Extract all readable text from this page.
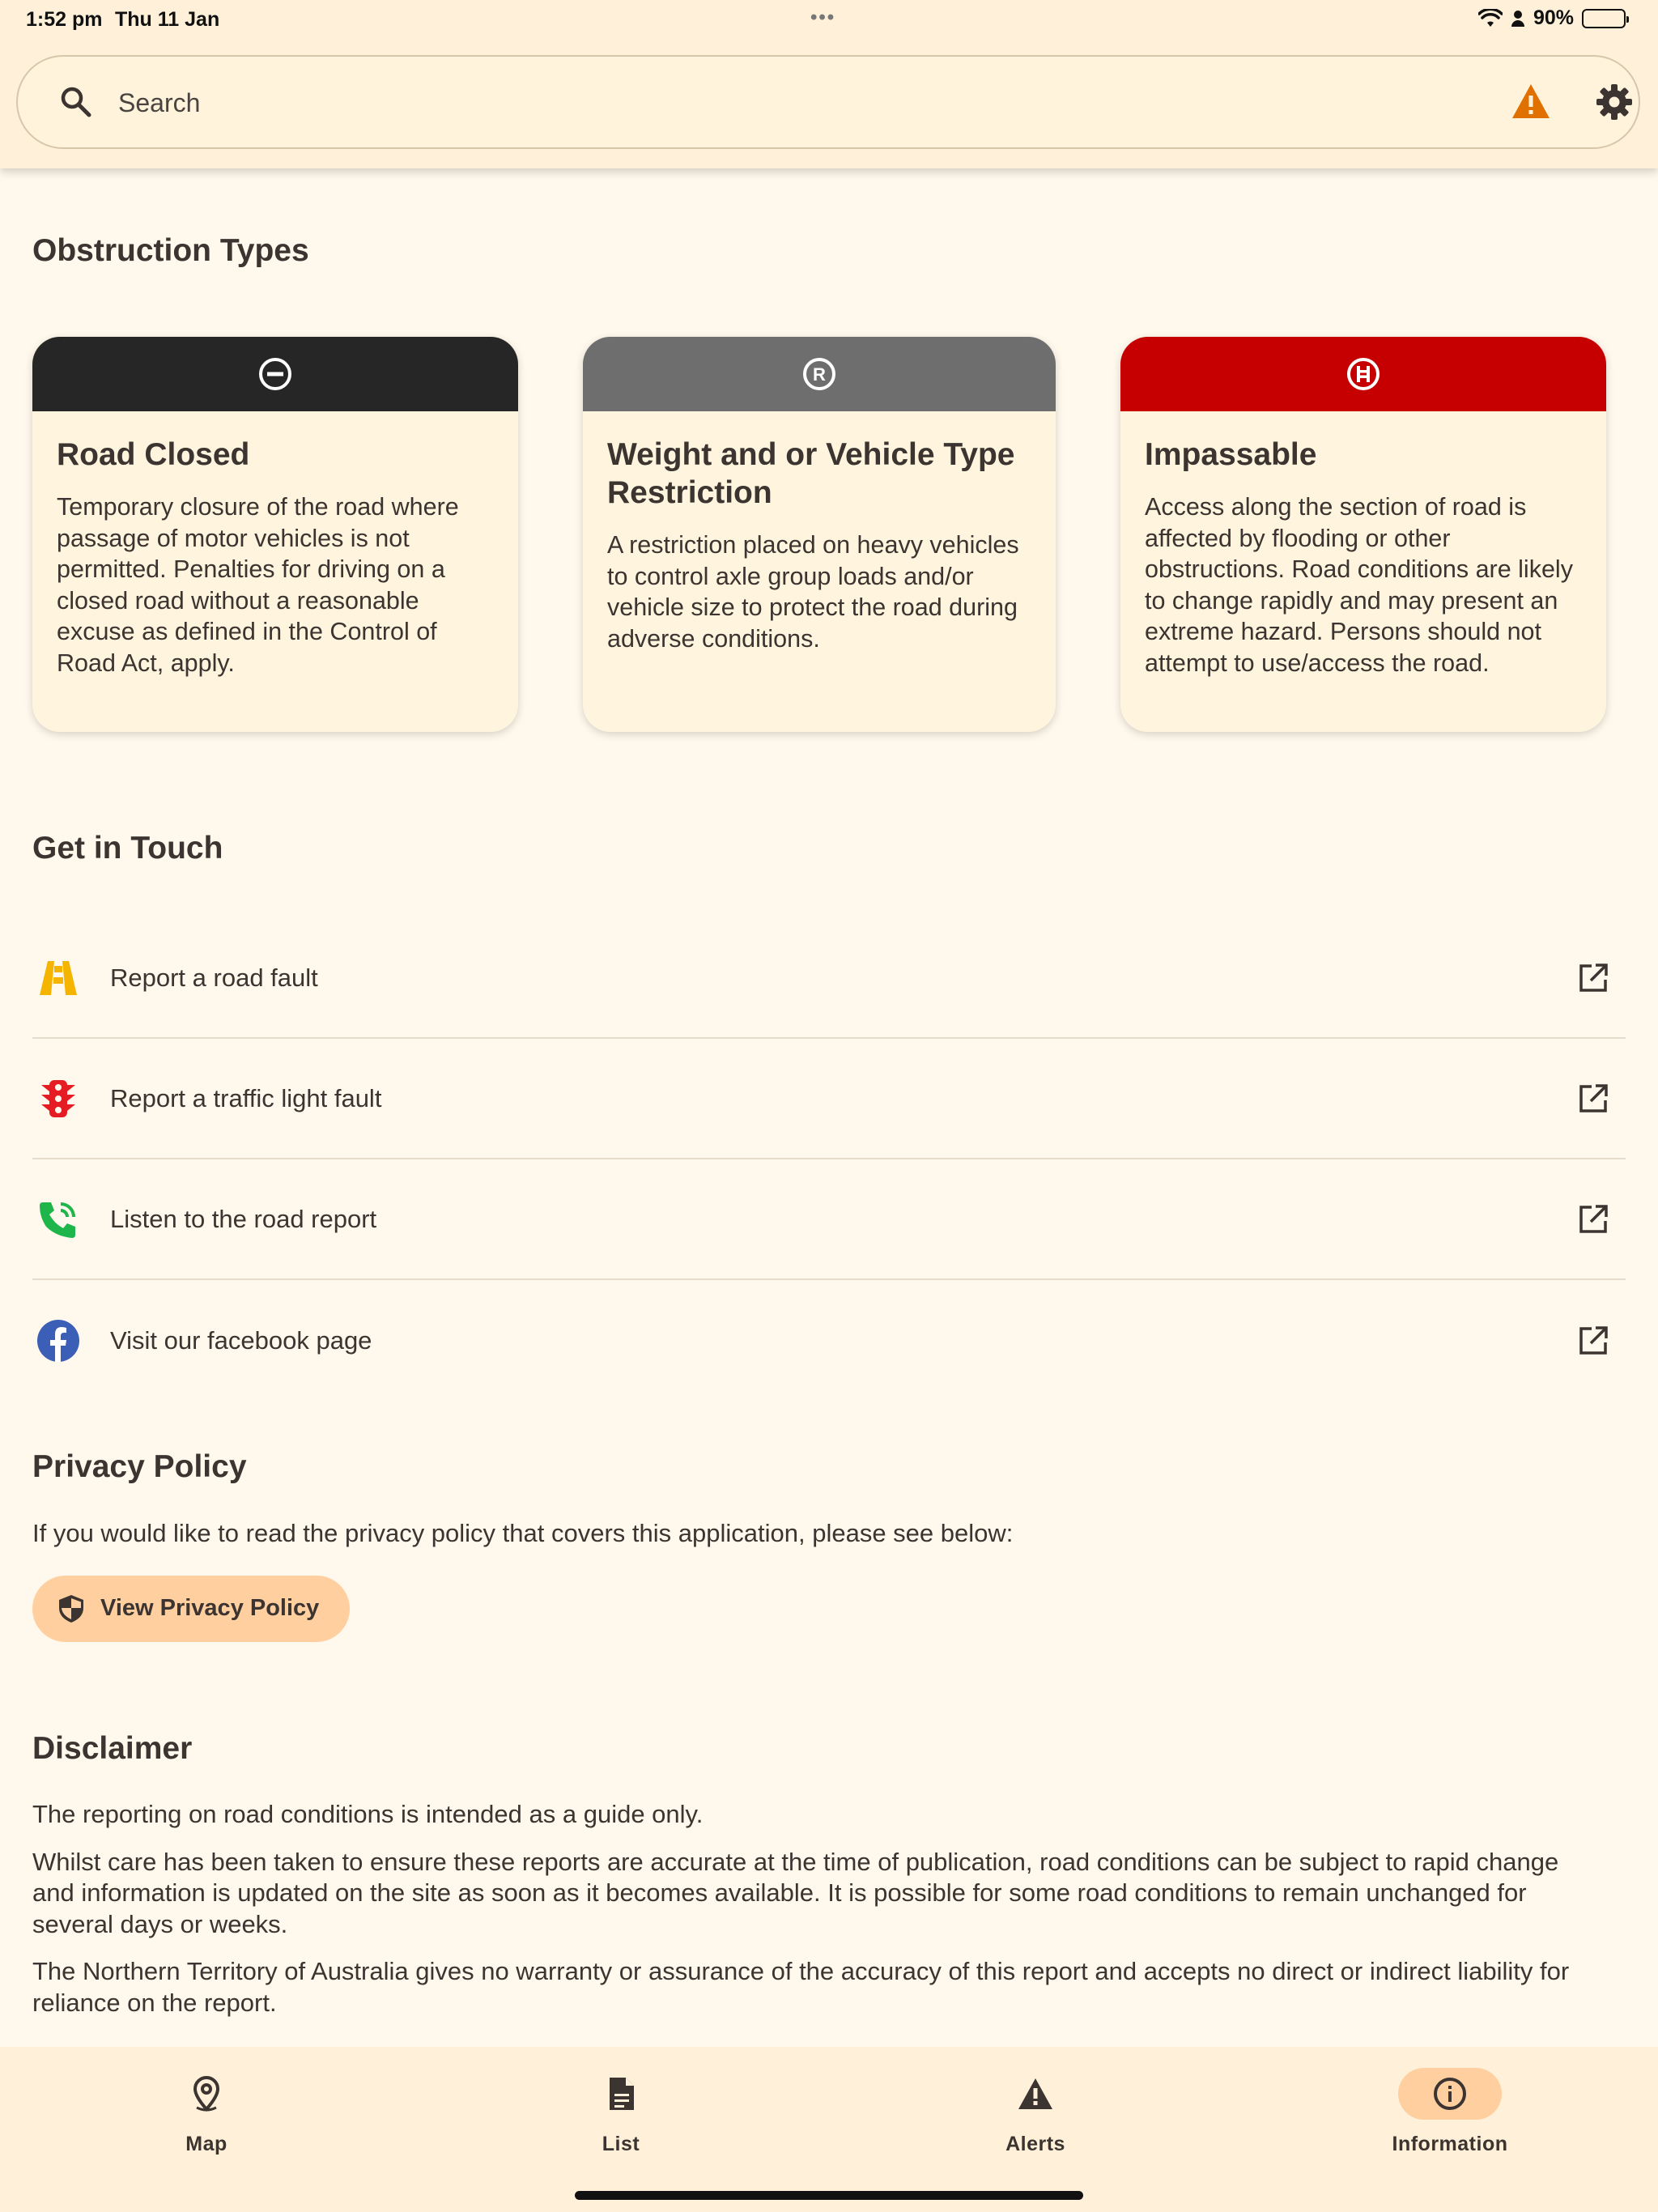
1:52 pm Thu 11 Jan	•••	90%
Search
Obstruction Types
Road Closed
Temporary closure of the road where passage of motor vehicles is not permitted. Penalties for driving on a closed road without a reasonable excuse as defined in the Control of Road Act, apply.
R
Weight and or Vehicle Type Restriction
A restriction placed on heavy vehicles to control axle group loads and/or vehicle size to protect the road during adverse conditions.
Impassable
Access along the section of road is affected by flooding or other obstructions. Road conditions are likely to change rapidly and may present an extreme hazard. Persons should not attempt to use/access the road.
Get in Touch
Report a road fault
Report a traffic light fault
Listen to the road report
Visit our facebook page
Privacy Policy
If you would like to read the privacy policy that covers this application, please see below:
View Privacy Policy
Disclaimer

The reporting on road conditions is intended as a guide only.

Whilst care has been taken to ensure these reports are accurate at the time of publication, road conditions can be subject to rapid change and information is updated on the site as soon as it becomes available. It is possible for some road conditions to remain unchanged for several days or weeks.

The Northern Territory of Australia gives no warranty or assurance of the accuracy of this report and accepts no direct or indirect liability for reliance on the report.

Map	List	Alerts	Information
